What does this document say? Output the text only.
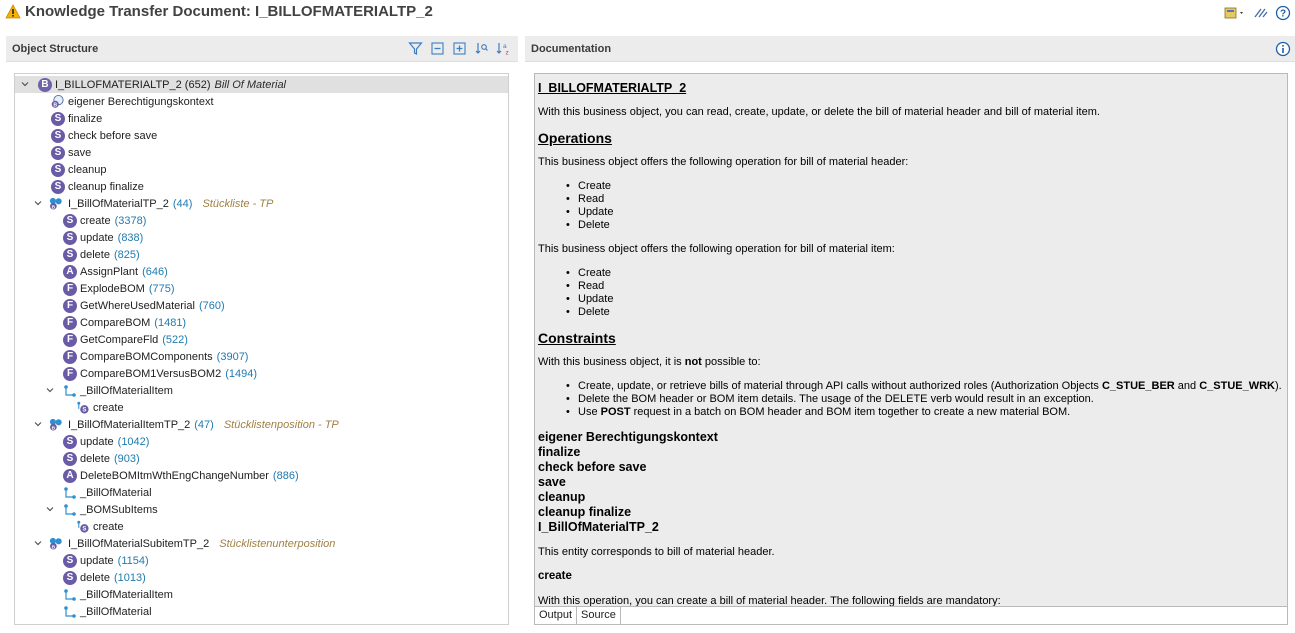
Knowledge Transfer Document: I_BILLOFMATERIALTP_2	?
Object Structure	a
z	Documentation
B I_BILLOFMATERIALTP_2 (652) Bill Of Material
B eigener Berechtigungskontext
S finalize
S check before save
S save
S cleanup
S cleanup finalize
B I_BillOfMaterialTP_2 (44) Stückliste - TP
S create (3378)
S update (838)
S delete (825)
A AssignPlant (646)
F ExplodeBOM (775)
F GetWhereUsedMaterial (760)
F CompareBOM (1481)
F GetCompareFld (522)
F CompareBOMComponents (3907)
F CompareBOM1VersusBOM2 (1494)
_BillOfMaterialItem
S create
B I_BillOfMaterialItemTP_2 (47) Stücklistenposition - TP
S update (1042)
S delete (903)
A DeleteBOMItmWthEngChangeNumber (886)
_BillOfMaterial
_BOMSubItems
S create
B I_BillOfMaterialSubitemTP_2 Stücklistenunterposition
S update (1154)
S delete (1013)
_BillOfMaterialItem
_BillOfMaterial
I_BILLOFMATERIALTP_2
With this business object, you can read, create, update, or delete the bill of material header and bill of material item.
Operations
This business object offers the following operation for bill of material header:
• Create
• Read
• Update
• Delete
This business object offers the following operation for bill of material item:
• Create
• Read
• Update
• Delete
Constraints
With this business object, it is not possible to:
• Create, update, or retrieve bills of material through API calls without authorized roles (Authorization Objects C_STUE_BER and C_STUE_WRK).
• Delete the BOM header or BOM item details. The usage of the DELETE verb would result in an exception.
• Use POST request in a batch on BOM header and BOM item together to create a new material BOM.
eigener Berechtigungskontext
finalize
check before save
save
cleanup
cleanup finalize
I_BillOfMaterialTP_2
This entity corresponds to bill of material header.
create
With this operation, you can create a bill of material header. The following fields are mandatory:
Output Source
